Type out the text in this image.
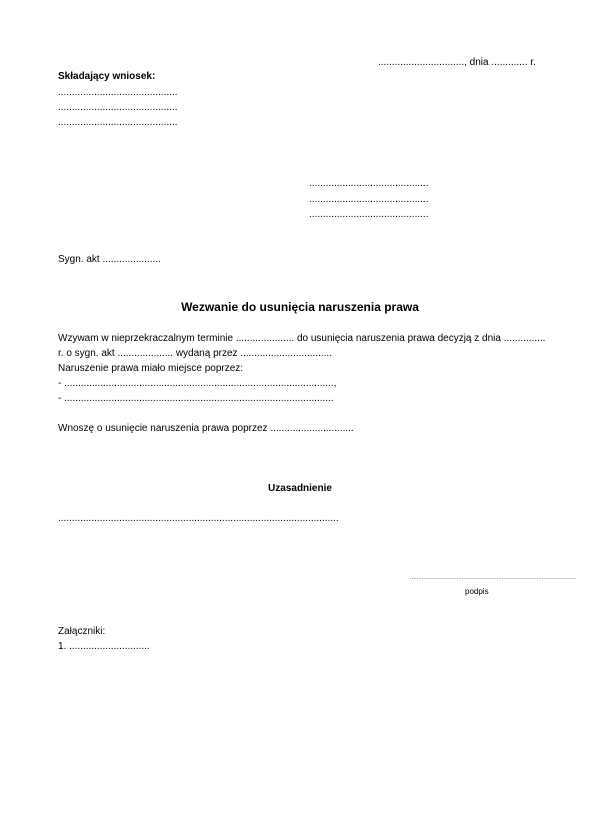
..............................., dnia ............. r.
Składający wniosek:
...........................................
...........................................
...........................................
...........................................
...........................................
...........................................
Sygn. akt .....................
Wezwanie do usunięcia naruszenia prawa
Wzywam w nieprzekraczalnym terminie ..................... do usunięcia naruszenia prawa decyzją z dnia ...............
r. o sygn. akt .................... wydaną przez .................................
Naruszenie prawa miało miejsce poprzez:
- .................................................................................................,
- .................................................................................................
Wnoszę o usunięcie naruszenia prawa poprzez ..............................
Uzasadnienie
.....................................................................................................
....................................................................................................
podpis
Załączniki:
1. .............................
